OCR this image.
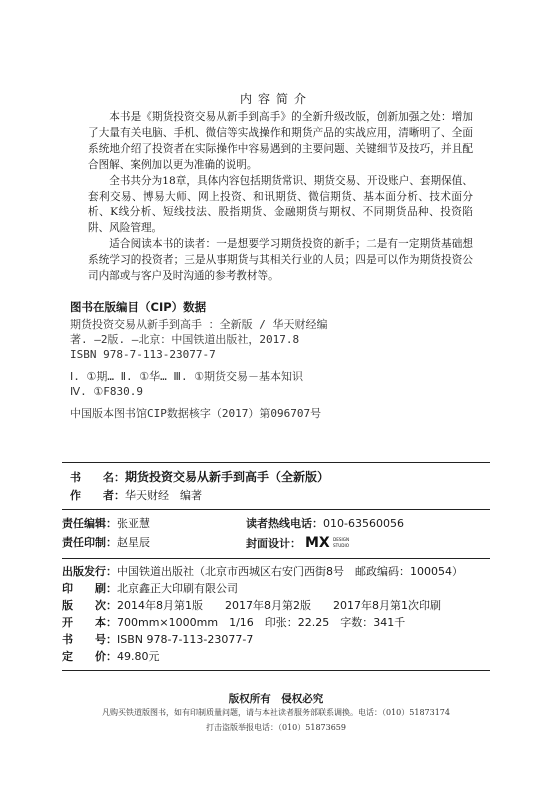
内容简介

本书是《期货投资交易从新手到高手》的全新升级改版，创新加强之处：增加了大量有关电脑、手机、微信等实战操作和期货产品的实战应用，清晰明了、全面系统地介绍了投资者在实际操作中容易遇到的主要问题、关键细节及技巧，并且配合图解、案例加以更为准确的说明。

全书共分为18章，具体内容包括期货常识、期货交易、开设账户、套期保值、套利交易、博易大师、网上投资、和讯期货、微信期货、基本面分析、技术面分析、K线分析、短线技法、股指期货、金融期货与期权、不同期货品种、投资陷阱、风险管理。

适合阅读本书的读者：一是想要学习期货投资的新手；二是有一定期货基础想系统学习的投资者；三是从事期货与其相关行业的人员；四是可以作为期货投资公司内部或与客户及时沟通的参考教材等。

图书在版编目（CIP）数据
期货投资交易从新手到高手 ：全新版 / 华天财经编
著. —2版. —北京：中国铁道出版社，2017.8
ISBN 978-7-113-23077-7
Ⅰ. ①期… Ⅱ. ①华… Ⅲ. ①期货交易－基本知识
Ⅳ. ①F830.9
中国版本图书馆CIP数据核字（2017）第096707号
书　　名：期货投资交易从新手到高手（全新版）
作　　者：华天财经　编著
责任编辑：张亚慧	读者热线电话：010-63560056
责任印制：赵星辰	封面设计： MX DESIGN
STUDIO
出版发行：中国铁道出版社（北京市西城区右安门西街8号　邮政编码：100054）
印　　刷：北京鑫正大印刷有限公司
版　　次：2014年8月第1版　　2017年8月第2版　　2017年8月第1次印刷
开　　本：700mm×1000mm　1/16　印张：22.25　字数：341千
书　　号：ISBN 978-7-113-23077-7
定　　价：49.80元
版权所有　侵权必究
凡购买铁道版图书，如有印制质量问题，请与本社读者服务部联系调换。电话：（010）51873174
打击盗版举报电话：（010）51873659
